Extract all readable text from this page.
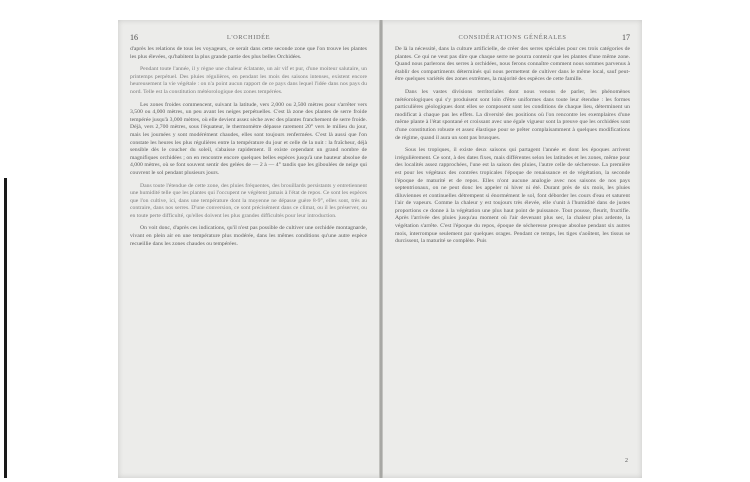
16	L'ORCHIDÉE

d'après les relations de tous les voyageurs, ce serait dans cette seconde zone que l'on trouve les plantes les plus élevées, qu'habitent la plus grande partie des plus belles Orchidées.

Pendant toute l'année, il y règne une chaleur éclatante, un air vif et pur, d'une moiteur salutaire, un printemps perpétuel. Des pluies régulières, en pendant les mois des saisons intenses, existent encore heureusement la vie végétale : on n'a point aucun rapport de ce pays dans lequel l'idée dans nos pays du nord. Telle est la constitution météorologique des zones tempérées.

Les zones froides commencent, suivant la latitude, vers 2,000 ou 2,500 mètres pour s'arrêter vers 3,500 ou 4,000 mètres, un peu avant les neiges perpétuelles. C'est là zone des plantes de serre froide tempérée jusqu'à 3,000 mètres, où elle devient assez sèche avec des plantes franchement de serre froide. Déjà, vers 2,700 mètres, sous l'équateur, le thermomètre dépasse rarement 20° vers le milieu du jour, mais les journées y sont modérément chaudes, elles sont toujours renfermées. C'est là aussi que l'on constate les heures les plus régulières entre la température du jour et celle de la nuit : la fraîcheur, déjà sensible dès le coucher du soleil, s'abaisse rapidement. Il existe cependant un grand nombre de magnifiques orchidées ; on en rencontre encore quelques belles espèces jusqu'à une hauteur absolue de 4,000 mètres, où se font souvent sentir des gelées de — 2 à — 4° tandis que les giboulées de neige qui couvrent le sol pendant plusieurs jours.

Dans toute l'étendue de cette zone, des pluies fréquentes, des brouillards persistants y entretiennent une humidité telle que les plantes qui l'occupent ne végètent jamais à l'état de repos. Ce sont les espèces que l'on cultive, ici, dans une température dont la moyenne ne dépasse guère 8-9°, elles sont, très au contraire, dans nos serres. D'une conversion, ce sont précisément dans ce climat, ou il les préserver, ou en toute perte difficulté, qu'elles doivent les plus grandes difficultés pour leur introduction.

On voit donc, d'après ces indications, qu'il n'est pas possible de cultiver une orchidée montagnarde, vivant en plein air en une température plus modérée, dans les mêmes conditions qu'une autre espèce recueillie dans les zones chaudes ou tempérées.

CONSIDÉRATIONS GÉNÉRALES	17

De là la nécessité, dans la culture artificielle, de créer des serres spéciales pour ces trois catégories de plantes. Ce qui ne veut pas dire que chaque serre ne pourra contenir que les plantes d'une même zone. Quand nous parlerons des serres à orchidées, nous ferons connaître comment nous sommes parvenus à établir des compartiments déterminés qui nous permettent de cultiver dans le même local, sauf peut-être quelques variétés des zones extrêmes, la majorité des espèces de cette famille.

Dans les vastes divisions territoriales dont nous venons de parler, les phénomènes météorologiques qui s'y produisent sont loin d'être uniformes dans toute leur étendue : les formes particulières géologiques dont elles se composent sont les conditions de chaque lieu, déterminent un modificat à chaque pas les effets. La diversité des positions où l'on rencontre les exemplaires d'une même plante à l'état spontané et croissant avec une égale vigueur sont la preuve que les orchidées sont d'une constitution robuste et assez élastique pour se prêter complaisamment à quelques modifications de régime, quand il aura un sont pas brusques.

Sous les tropiques, il existe deux saisons qui partagent l'année et dont les époques arrivent irrégulièrement. Ce sont, à des dates fixes, mais différentes selon les latitudes et les zones, même pour des localités assez rapprochées, l'une est la saison des pluies, l'autre celle de sécheresse. La première est pour les végétaux des contrées tropicales l'époque de renaissance et de végétation, la seconde l'époque de maturité et de repos. Elles n'ont aucune analogie avec nos saisons de nos pays septentrionaux, on ne peut donc les appeler ni hiver ni été. Durant près de six mois, les pluies diluviennes et continuelles détrempent si énormément le sol, font déborder les cours d'eau et saturent l'air de vapeurs. Comme la chaleur y est toujours très élevée, elle s'unit à l'humidité dans de justes proportions ce donne à la végétation une plus haut point de puissance. Tout pousse, fleurit, fructifie. Après l'arrivée des pluies jusqu'au moment où l'air devenant plus sec, la chaleur plus ardente, la végétation s'arrête. C'est l'époque du repos, époque de sécheresse presque absolue pendant six autres mois, interrompue seulement par quelques orages. Pendant ce temps, les tiges s'aoûtent, les tissus se durcissent, la maturité se complète. Puis

2
